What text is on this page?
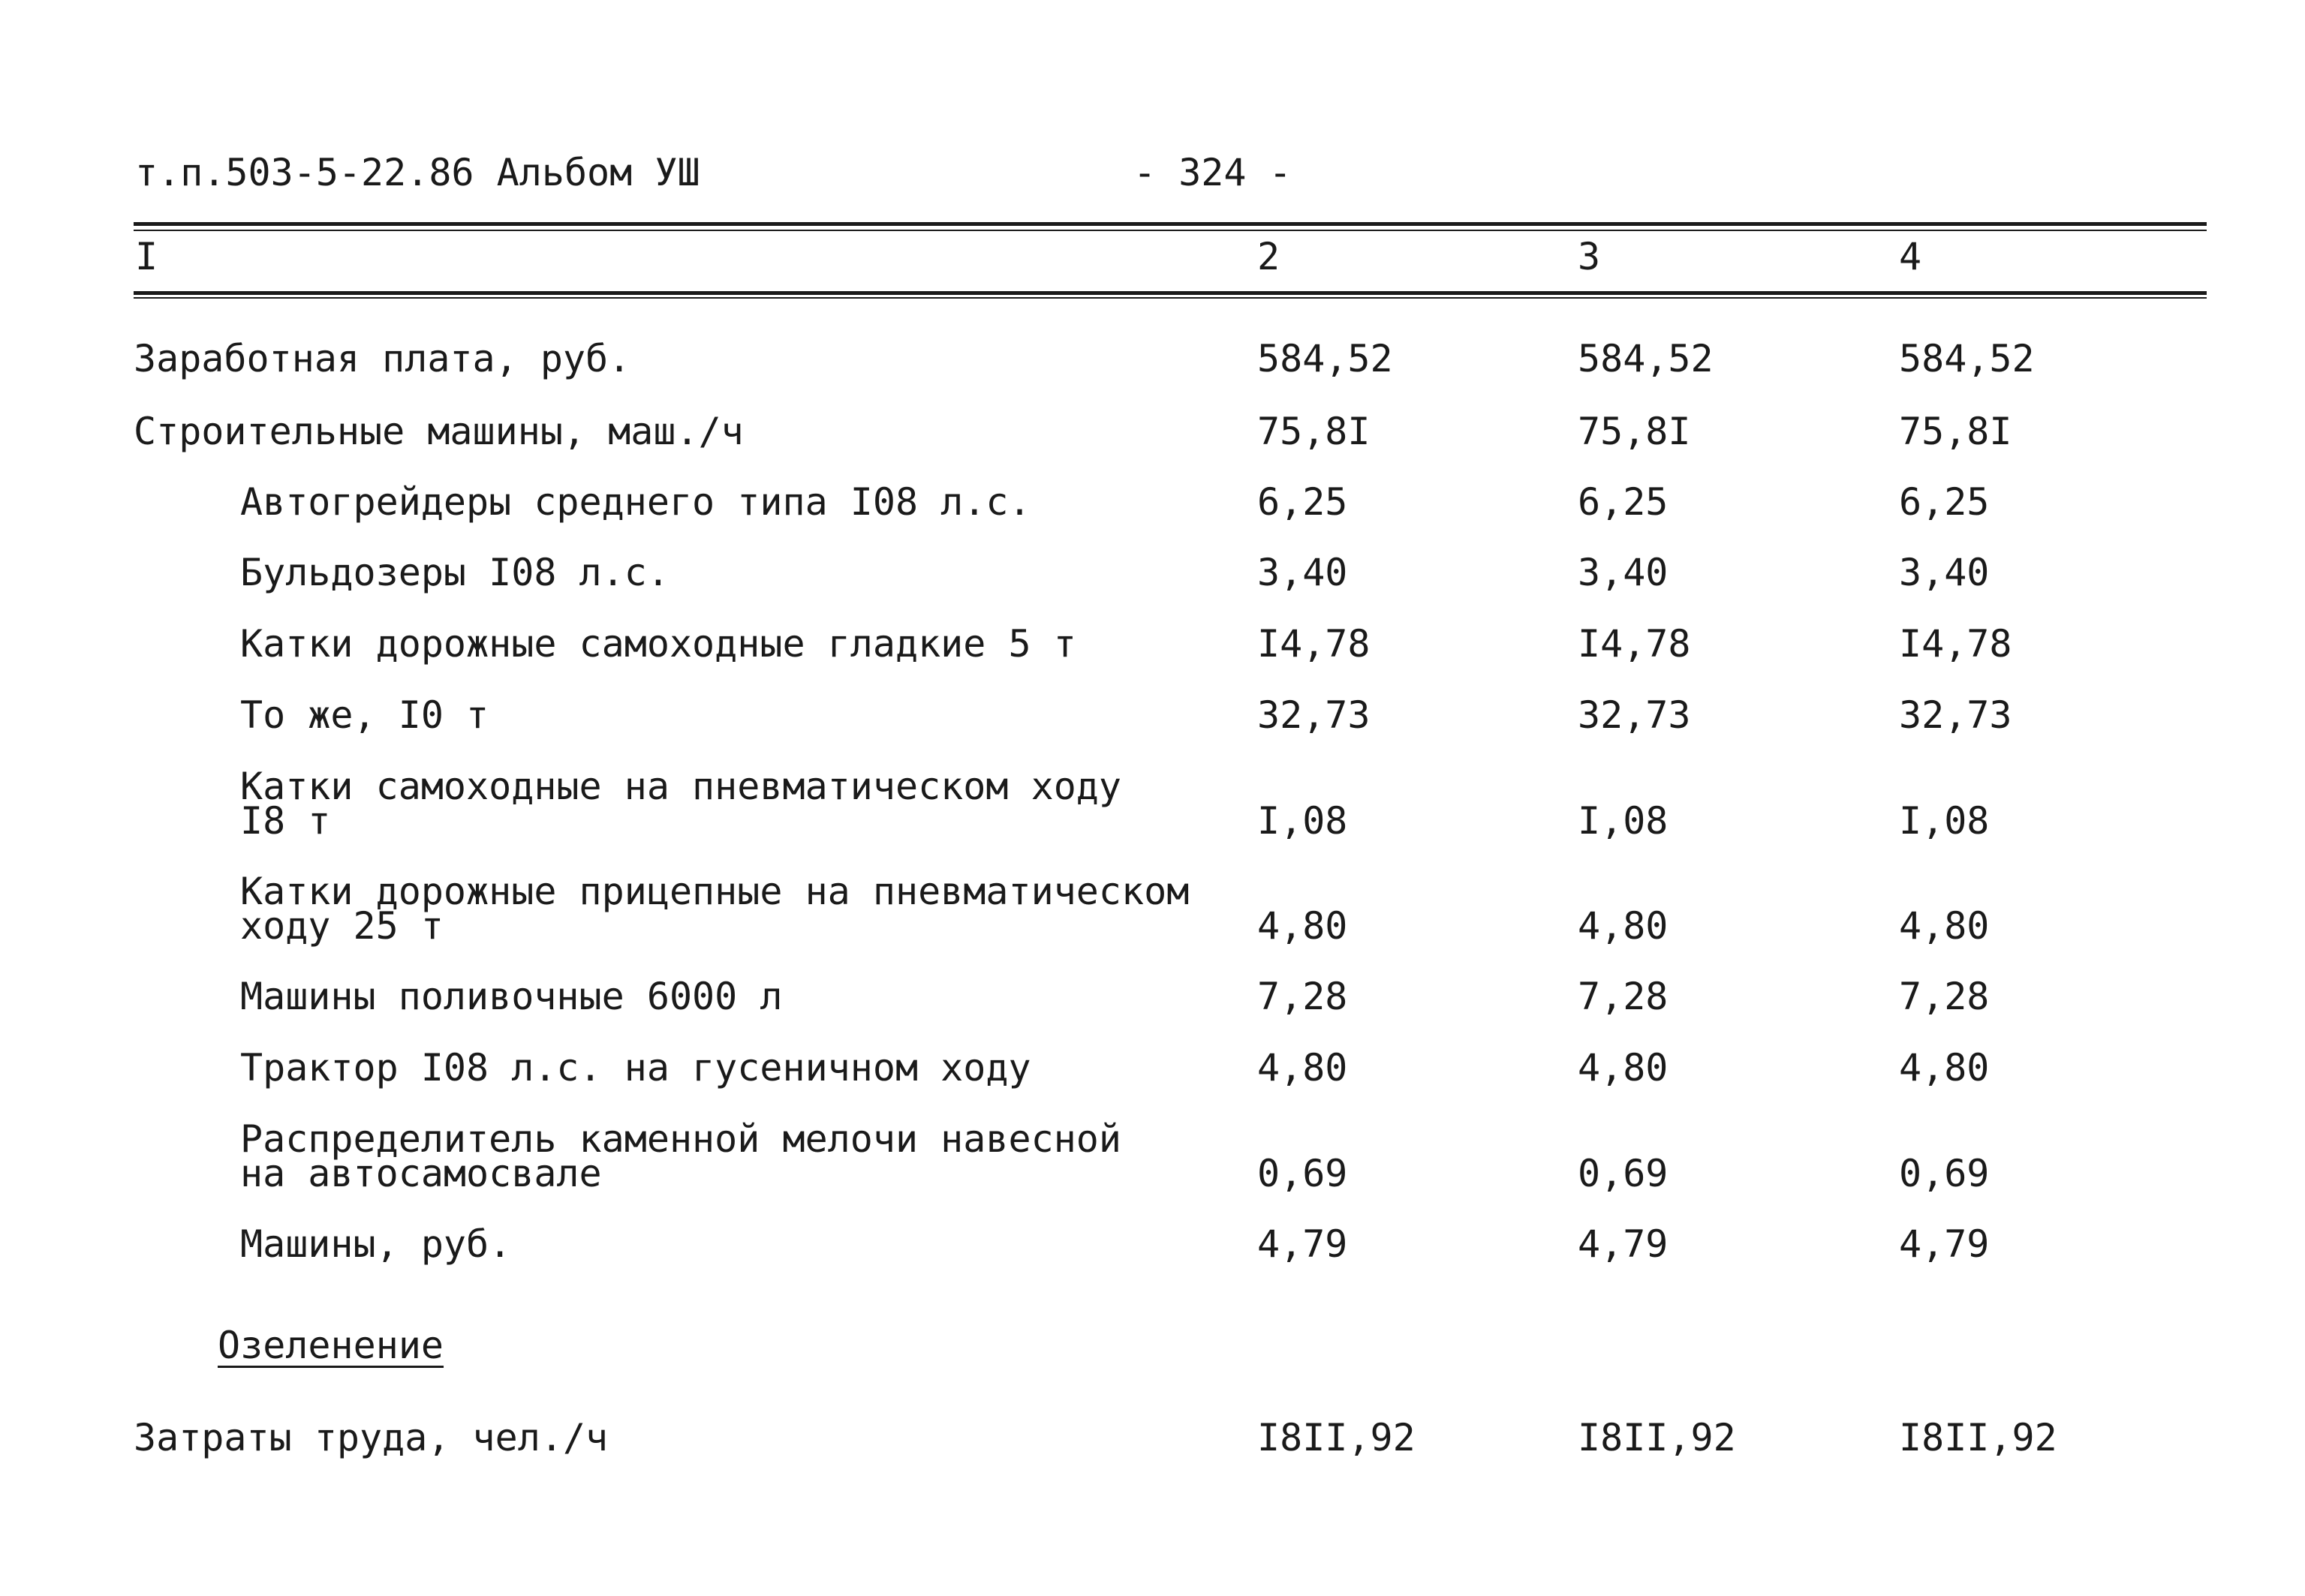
т.п.503-5-22.86 Альбом УШ	- 324 -
I	2	3	4
Заработная плата, руб.	584,52	584,52	584,52
Строительные машины, маш./ч	75,8I	75,8I	75,8I
Автогрейдеры среднего типа I08 л.с.	6,25	6,25	6,25
Бульдозеры I08 л.с.	3,40	3,40	3,40
Катки дорожные самоходные гладкие 5 т	I4,78	I4,78	I4,78
То же, I0 т	32,73	32,73	32,73
Катки самоходные на пневматическом ходу
I8 т	I,08	I,08	I,08
Катки дорожные прицепные на пневматическом
ходу 25 т	4,80	4,80	4,80
Машины поливочные 6000 л	7,28	7,28	7,28
Трактор I08 л.с. на гусеничном ходу	4,80	4,80	4,80
Распределитель каменной мелочи навесной
на автосамосвале	0,69	0,69	0,69
Машины, руб.	4,79	4,79	4,79
Озеленение
Затраты труда, чел./ч	I8II,92	I8II,92	I8II,92
